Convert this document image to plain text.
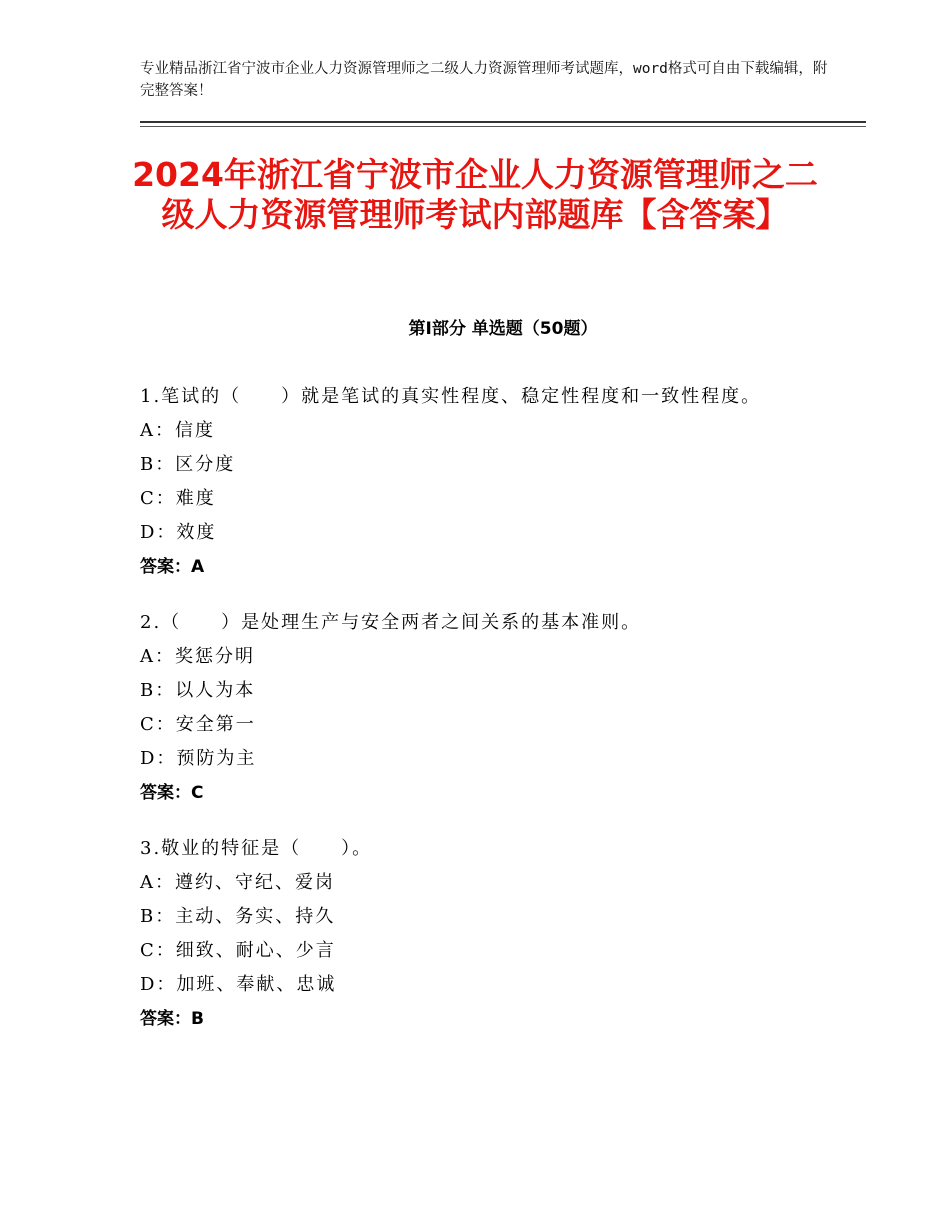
专业精品浙江省宁波市企业人力资源管理师之二级人力资源管理师考试题库，word格式可自由下载编辑，附完整答案！
2024年浙江省宁波市企业人力资源管理师之二级人力资源管理师考试内部题库【含答案】
第Ⅰ部分 单选题（50题）
1.笔试的（　　）就是笔试的真实性程度、稳定性程度和一致性程度。
A：信度
B：区分度
C：难度
D：效度
答案：A
2.（　　）是处理生产与安全两者之间关系的基本准则。
A：奖惩分明
B：以人为本
C：安全第一
D：预防为主
答案：C
3.敬业的特征是（　　）。
A：遵约、守纪、爱岗
B：主动、务实、持久
C：细致、耐心、少言
D：加班、奉献、忠诚
答案：B
